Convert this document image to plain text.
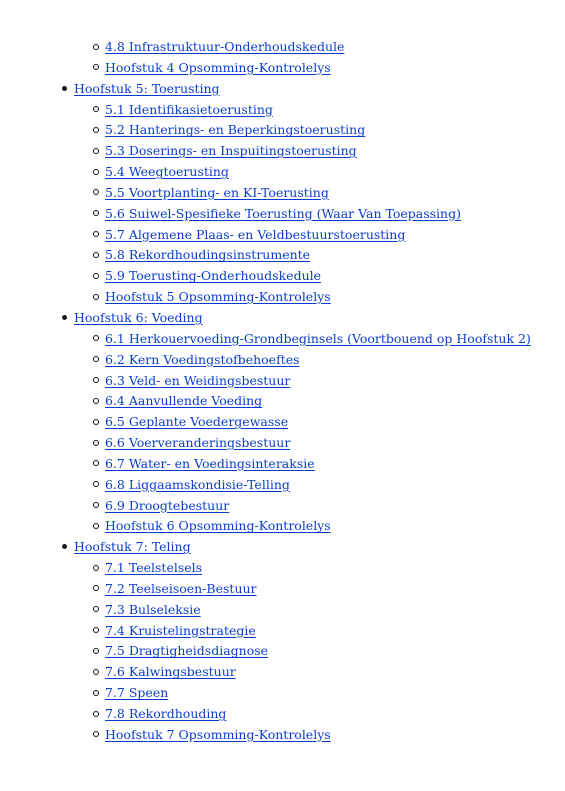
4.8 Infrastruktuur-Onderhoudskedule
Hoofstuk 4 Opsomming-Kontrolelys
Hoofstuk 5: Toerusting
5.1 Identifikasietoerusting
5.2 Hanterings- en Beperkingstoerusting
5.3 Doserings- en Inspuitingstoerusting
5.4 Weegtoerusting
5.5 Voortplanting- en KI-Toerusting
5.6 Suiwel-Spesifieke Toerusting (Waar Van Toepassing)
5.7 Algemene Plaas- en Veldbestuurstoerusting
5.8 Rekordhoudingsinstrumente
5.9 Toerusting-Onderhoudskedule
Hoofstuk 5 Opsomming-Kontrolelys
Hoofstuk 6: Voeding
6.1 Herkouervoeding-Grondbeginsels (Voortbouend op Hoofstuk 2)
6.2 Kern Voedingstofbehoeftes
6.3 Veld- en Weidingsbestuur
6.4 Aanvullende Voeding
6.5 Geplante Voedergewasse
6.6 Voerveranderingsbestuur
6.7 Water- en Voedingsinteraksie
6.8 Liggaamskondisie-Telling
6.9 Droogtebestuur
Hoofstuk 6 Opsomming-Kontrolelys
Hoofstuk 7: Teling
7.1 Teelstelsels
7.2 Teelseisoen-Bestuur
7.3 Bulseleksie
7.4 Kruistelingstrategie
7.5 Dragtigheidsdiagnose
7.6 Kalwingsbestuur
7.7 Speen
7.8 Rekordhouding
Hoofstuk 7 Opsomming-Kontrolelys
